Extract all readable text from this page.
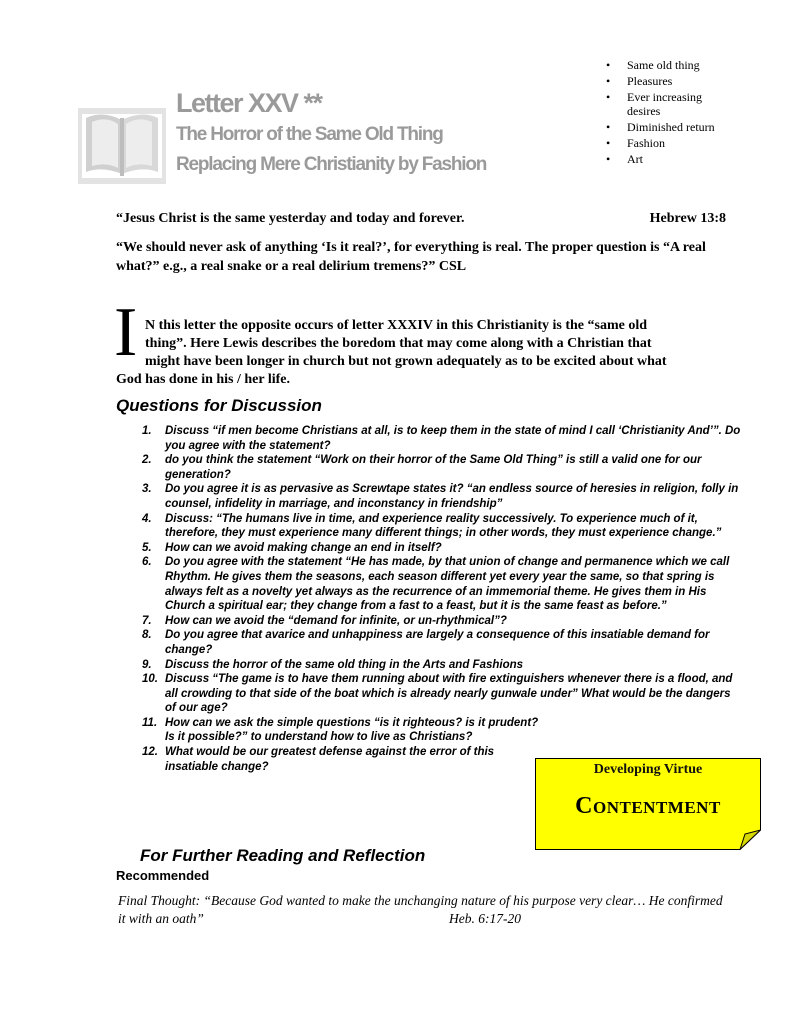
Letter XXV **
The Horror of the Same Old Thing
Replacing Mere Christianity by Fashion
• Same old thing
• Pleasures
• Ever increasing desires
• Diminished return
• Fashion
• Art
“Jesus Christ is the same yesterday and today and forever.	Hebrew 13:8
“We should never ask of anything ‘Is it real?’, for everything is real. The proper question is “A real what?” e.g., a real snake or a real delirium tremens?” CSL
I N this letter the opposite occurs of letter XXXIV in this Christianity is the “same old
thing”. Here Lewis describes the boredom that may come along with a Christian that
might have been longer in church but not grown adequately as to be excited about what
God has done in his / her life.
Questions for Discussion
1. Discuss “if men become Christians at all, is to keep them in the state of mind I call ‘Christianity And’”. Do you agree with the statement?
2. do you think the statement “Work on their horror of the Same Old Thing” is still a valid one for our generation?
3. Do you agree it is as pervasive as Screwtape states it? “an endless source of heresies in religion, folly in counsel, infidelity in marriage, and inconstancy in friendship”
4. Discuss: “The humans live in time, and experience reality successively. To experience much of it, therefore, they must experience many different things; in other words, they must experience change.”
5. How can we avoid making change an end in itself?
6. Do you agree with the statement “He has made, by that union of change and permanence which we call Rhythm. He gives them the seasons, each season different yet every year the same, so that spring is always felt as a novelty yet always as the recurrence of an immemorial theme. He gives them in His Church a spiritual ear; they change from a fast to a feast, but it is the same feast as before.”
7. How can we avoid the “demand for infinite, or un-rhythmical”?
8. Do you agree that avarice and unhappiness are largely a consequence of this insatiable demand for change?
9. Discuss the horror of the same old thing in the Arts and Fashions
10. Discuss “The game is to have them running about with fire extinguishers whenever there is a flood, and all crowding to that side of the boat which is already nearly gunwale under” What would be the dangers of our age?
11. How can we ask the simple questions “is it righteous? is it prudent? Is it possible?” to understand how to live as Christians?
12. What would be our greatest defense against the error of this insatiable change?	Developing Virtue
Contentment
For Further Reading and Reflection
Recommended
Final Thought: “Because God wanted to make the unchanging nature of his purpose very clear… He confirmed it with an oath”	Heb. 6:17-20
